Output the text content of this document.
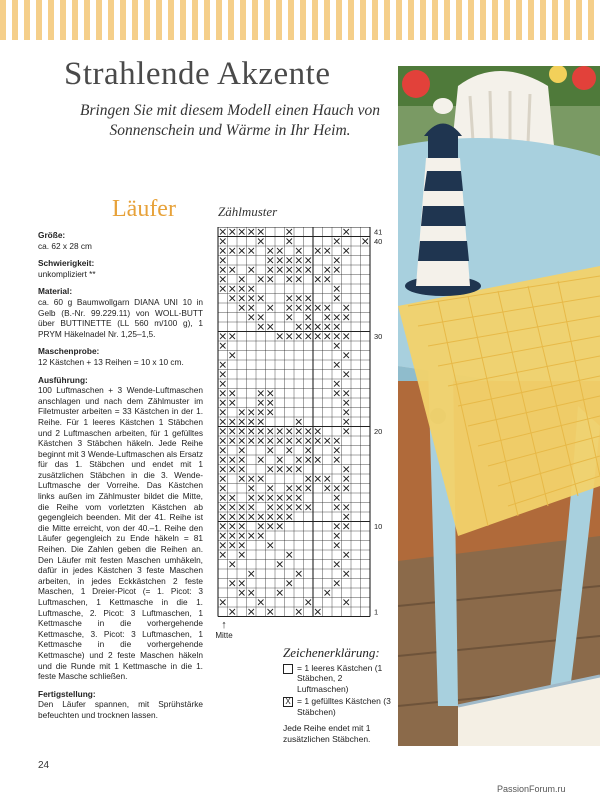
Strahlende Akzente
Bringen Sie mit diesem Modell einen Hauch von Sonnenschein und Wärme in Ihr Heim.
Läufer

Größe:
ca. 62 x 28 cm

Schwierigkeit:
unkompliziert **

Material:
ca. 60 g Baumwollgarn DIANA UNI 10 in Gelb (B.-Nr. 99.229.11) von WOLL-BUTT über BUTTINETTE (LL 560 m/100 g), 1 PRYM Häkelnadel Nr. 1,25–1,5.

Maschenprobe:
12 Kästchen + 13 Reihen = 10 x 10 cm.

Ausführung:
100 Luftmaschen + 3 Wende-Luftmaschen anschlagen und nach dem Zählmuster im Filetmuster arbeiten = 33 Kästchen in der 1. Reihe. Für 1 leeres Kästchen 1 Stäbchen und 2 Luftmaschen arbeiten, für 1 gefülltes Kästchen 3 Stäbchen häkeln. Jede Reihe beginnt mit 3 Wende-Luftmaschen als Ersatz für das 1. Stäbchen und endet mit 1 zusätzlichen Stäbchen in die 3. Wende-Luftmasche der Vorreihe. Das Kästchen links außen im Zählmuster bildet die Mitte, die Reihe vom vorletzten Kästchen ab gegengleich beenden. Mit der 41. Reihe ist die Mitte erreicht, von der 40.–1. Reihe den Läufer gegengleich zu Ende häkeln = 81 Reihen. Die Zahlen geben die Reihen an. Den Läufer mit festen Maschen umhäkeln, dafür in jedes Kästchen 3 feste Maschen arbeiten, in jedes Eckkästchen 2 feste Maschen, 1 Dreier-Picot (= 1. Picot: 3 Luftmaschen, 1 Kettmasche in die 1. Luftmasche, 2. Picot: 3 Luftmaschen, 1 Kettmasche in die vorhergehende Kettmasche, 3. Picot: 3 Luftmaschen, 1 Kettmasche in die vorhergehende Kettmasche) und 2 feste Maschen häkeln und die Runde mit 1 Kettmasche in die 1. feste Masche schließen.

Fertigstellung:
Den Läufer spannen, mit Sprühstärke befeuchten und trocknen lassen.

Zählmuster
41
40
30
20
10
1
↑
Mitte
Zeichenerklärung:
= 1 leeres Kästchen (1 Stäbchen, 2 Luftmaschen)
X = 1 gefülltes Kästchen (3 Stäbchen)
Jede Reihe endet mit 1 zusätzlichen Stäbchen.
24
PassionForum.ru
